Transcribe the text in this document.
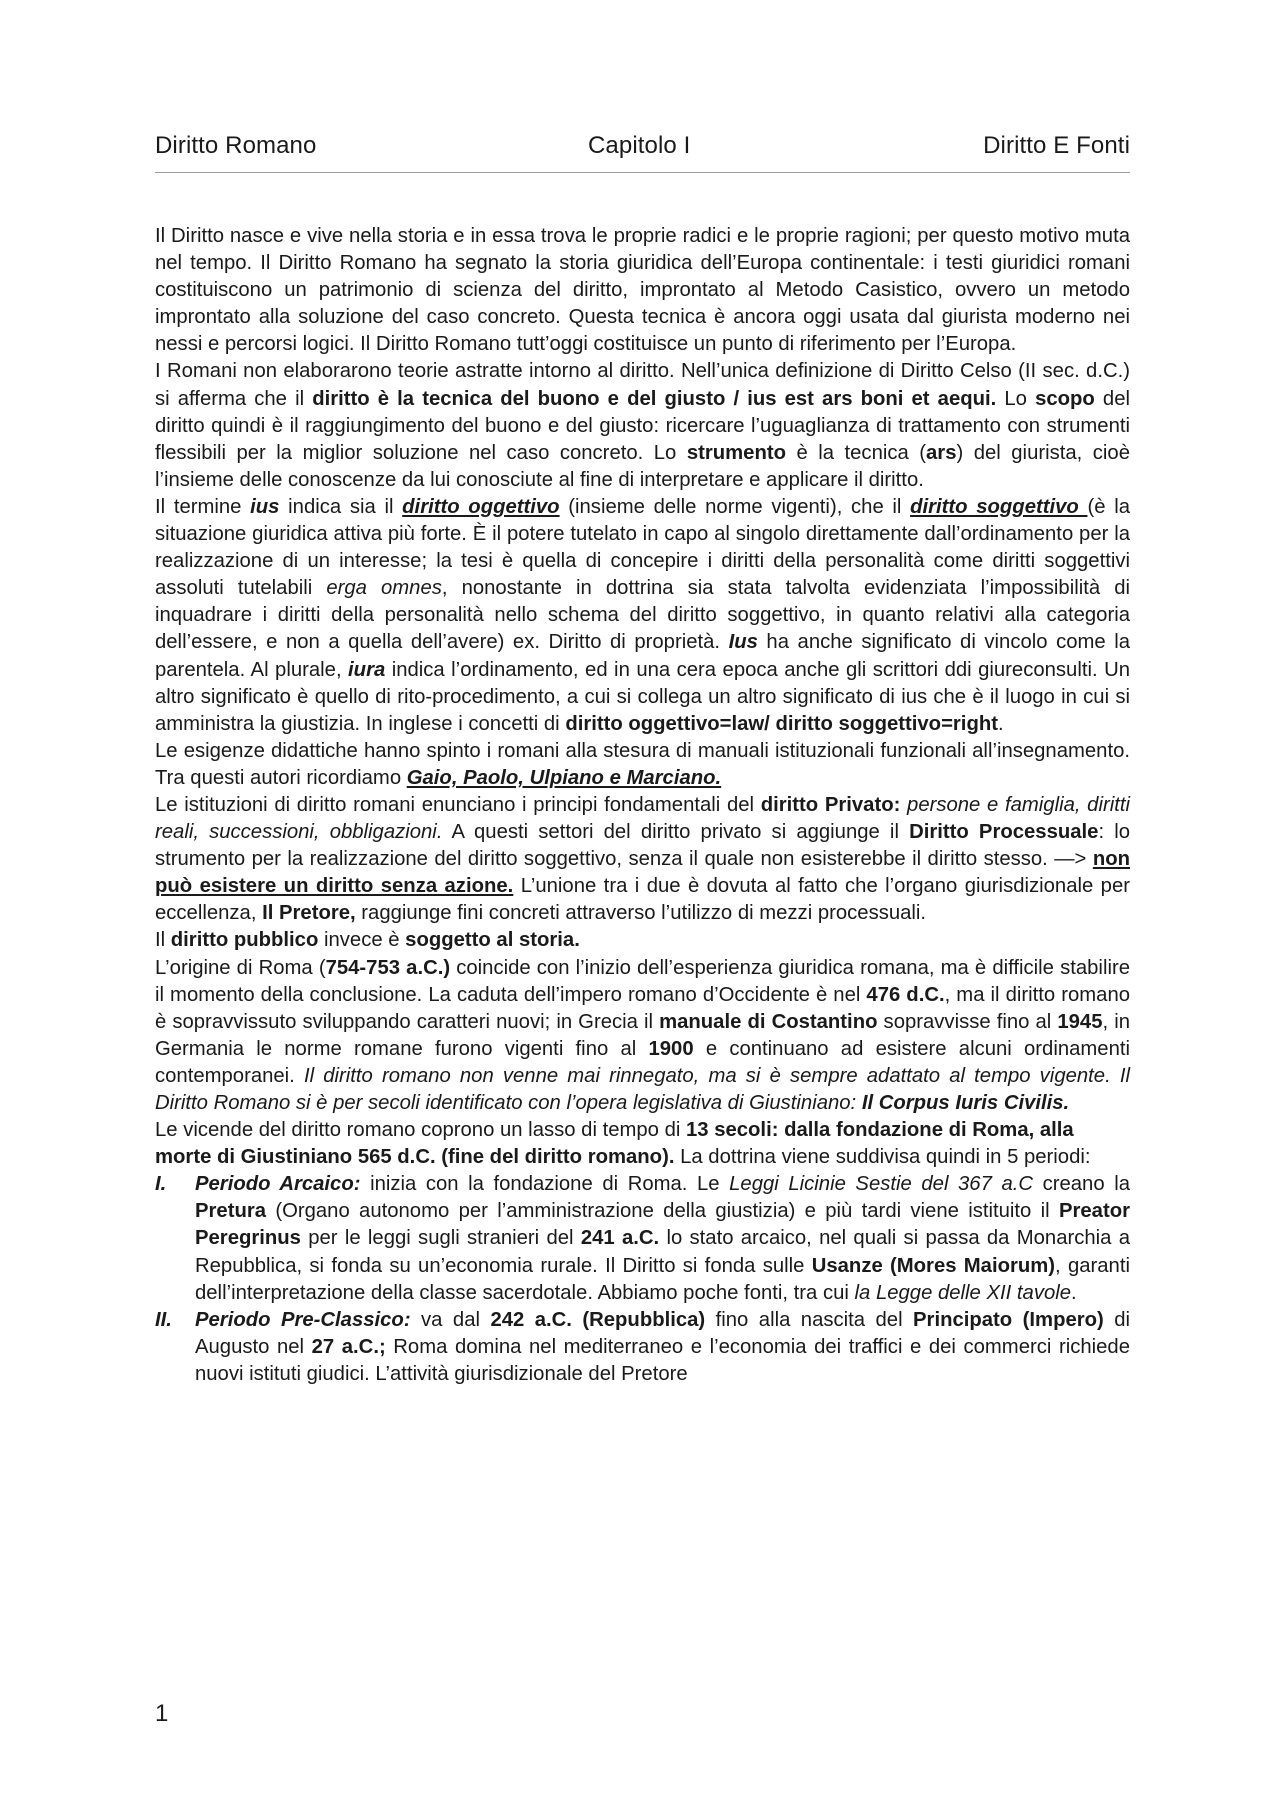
Diritto Romano	Capitolo I	Diritto E Fonti

Il Diritto nasce e vive nella storia e in essa trova le proprie radici e le proprie ragioni; per questo motivo muta nel tempo. Il Diritto Romano ha segnato la storia giuridica dell’Europa continentale: i testi giuridici romani costituiscono un patrimonio di scienza del diritto, improntato al Metodo Casistico, ovvero un metodo improntato alla soluzione del caso concreto. Questa tecnica è ancora oggi usata dal giurista moderno nei nessi e percorsi logici. Il Diritto Romano tutt’oggi costituisce un punto di riferimento per l’Europa.

I Romani non elaborarono teorie astratte intorno al diritto. Nell’unica definizione di Diritto Celso (II sec. d.C.) si afferma che il diritto è la tecnica del buono e del giusto / ius est ars boni et aequi. Lo scopo del diritto quindi è il raggiungimento del buono e del giusto: ricercare l’uguaglianza di trattamento con strumenti flessibili per la miglior soluzione nel caso concreto. Lo strumento è la tecnica (ars) del giurista, cioè l’insieme delle conoscenze da lui conosciute al fine di interpretare e applicare il diritto.

Il termine ius indica sia il diritto oggettivo (insieme delle norme vigenti), che il diritto soggettivo (è la situazione giuridica attiva più forte. È il potere tutelato in capo al singolo direttamente dall’ordinamento per la realizzazione di un interesse; la tesi è quella di concepire i diritti della personalità come diritti soggettivi assoluti tutelabili erga omnes, nonostante in dottrina sia stata talvolta evidenziata l’impossibilità di inquadrare i diritti della personalità nello schema del diritto soggettivo, in quanto relativi alla categoria dell’essere, e non a quella dell’avere) ex. Diritto di proprietà. Ius ha anche significato di vincolo come la parentela. Al plurale, iura indica l’ordinamento, ed in una cera epoca anche gli scrittori ddi giureconsulti. Un altro significato è quello di rito-procedimento, a cui si collega un altro significato di ius che è il luogo in cui si amministra la giustizia. In inglese i concetti di diritto oggettivo=law/ diritto soggettivo=right.

Le esigenze didattiche hanno spinto i romani alla stesura di manuali istituzionali funzionali all’insegnamento. Tra questi autori ricordiamo Gaio, Paolo, Ulpiano e Marciano.

Le istituzioni di diritto romani enunciano i principi fondamentali del diritto Privato: persone e famiglia, diritti reali, successioni, obbligazioni. A questi settori del diritto privato si aggiunge il Diritto Processuale: lo strumento per la realizzazione del diritto soggettivo, senza il quale non esisterebbe il diritto stesso. —> non può esistere un diritto senza azione. L’unione tra i due è dovuta al fatto che l’organo giurisdizionale per eccellenza, Il Pretore, raggiunge fini concreti attraverso l’utilizzo di mezzi processuali.

Il diritto pubblico invece è soggetto al storia.

L’origine di Roma (754-753 a.C.) coincide con l’inizio dell’esperienza giuridica romana, ma è difficile stabilire il momento della conclusione. La caduta dell’impero romano d’Occidente è nel 476 d.C., ma il diritto romano è sopravvissuto sviluppando caratteri nuovi; in Grecia il manuale di Costantino sopravvisse fino al 1945, in Germania le norme romane furono vigenti fino al 1900 e continuano ad esistere alcuni ordinamenti contemporanei. Il diritto romano non venne mai rinnegato, ma si è sempre adattato al tempo vigente. Il Diritto Romano si è per secoli identificato con l’opera legislativa di Giustiniano: Il Corpus Iuris Civilis.

Le vicende del diritto romano coprono un lasso di tempo di 13 secoli: dalla fondazione di Roma, alla morte di Giustiniano 565 d.C. (fine del diritto romano). La dottrina viene suddivisa quindi in 5 periodi:

I. Periodo Arcaico: inizia con la fondazione di Roma. Le Leggi Licinie Sestie del 367 a.C creano la Pretura (Organo autonomo per l’amministrazione della giustizia) e più tardi viene istituito il Preator Peregrinus per le leggi sugli stranieri del 241 a.C. lo stato arcaico, nel quali si passa da Monarchia a Repubblica, si fonda su un’economia rurale. Il Diritto si fonda sulle Usanze (Mores Maiorum), garanti dell’interpretazione della classe sacerdotale. Abbiamo poche fonti, tra cui la Legge delle XII tavole.
II. Periodo Pre-Classico: va dal 242 a.C. (Repubblica) fino alla nascita del Principato (Impero) di Augusto nel 27 a.C.; Roma domina nel mediterraneo e l’economia dei traffici e dei commerci richiede nuovi istituti giudici. L’attività giurisdizionale del Pretore
1
